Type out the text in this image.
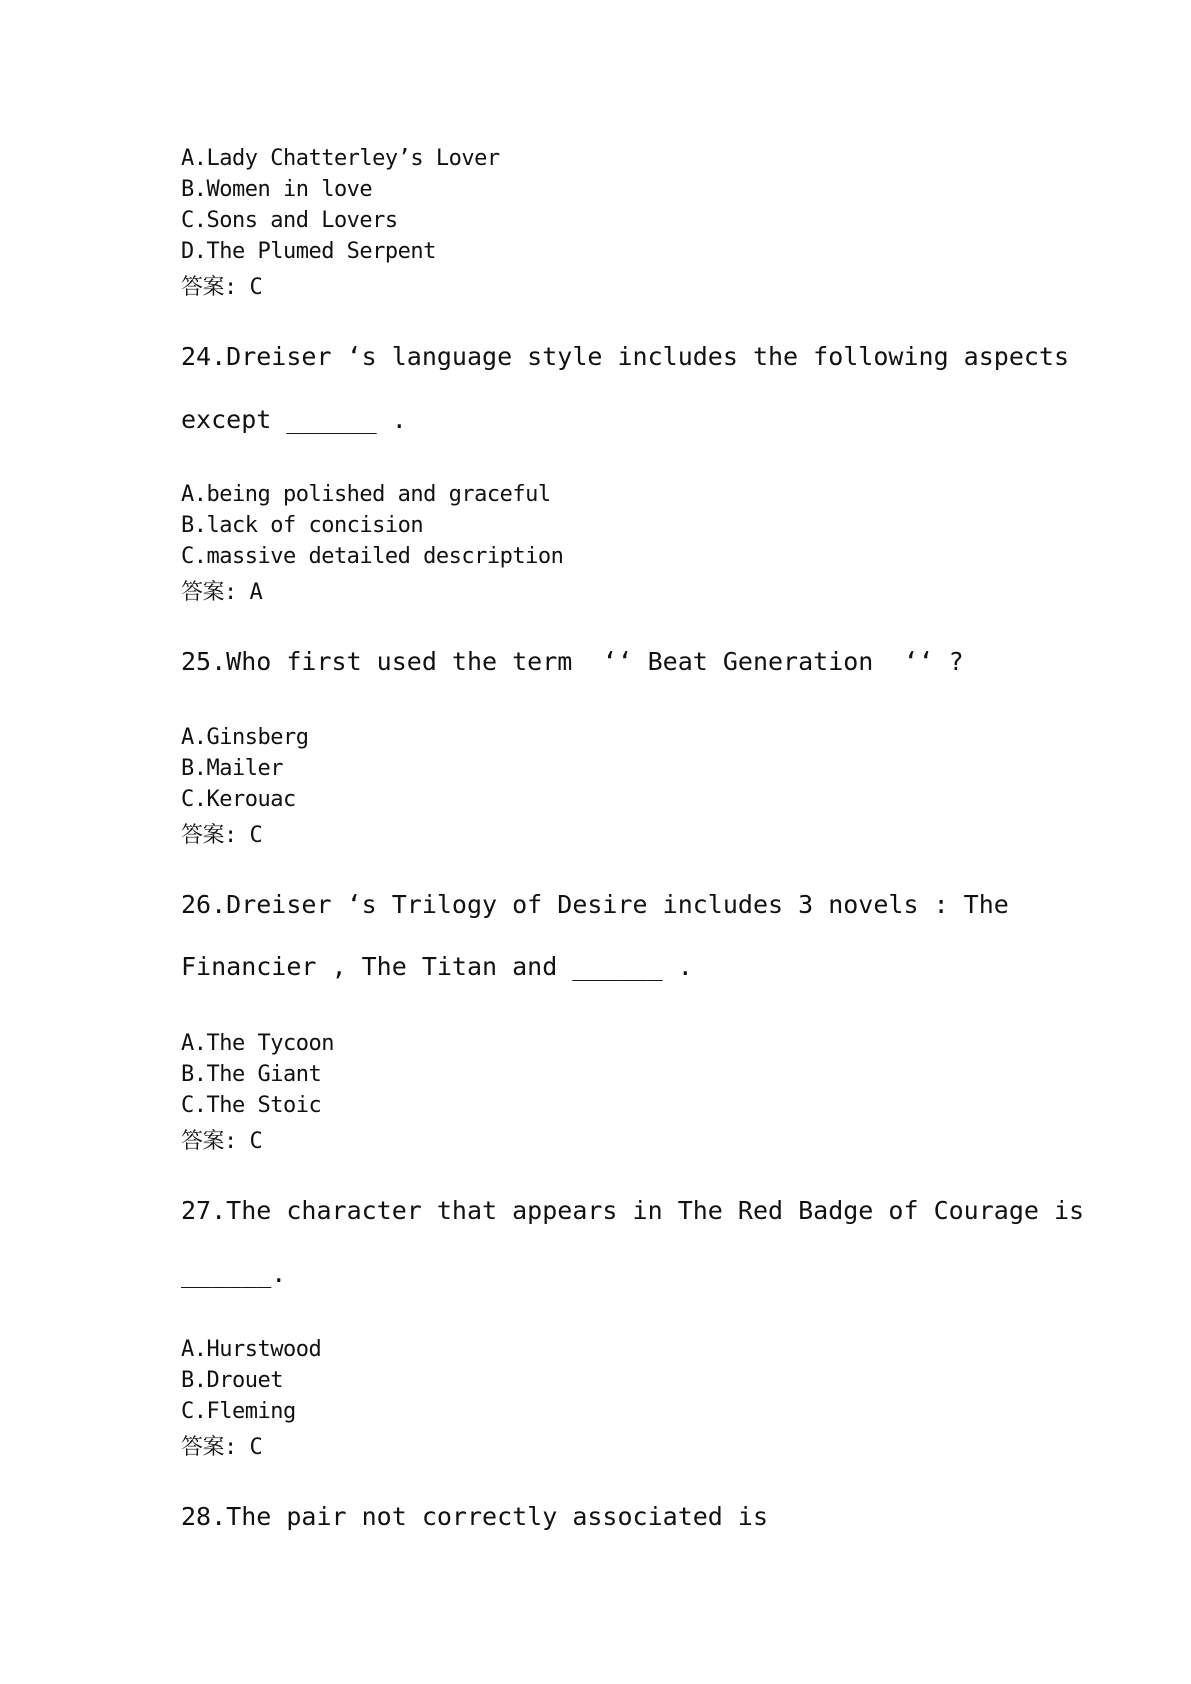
A.Lady Chatterley’s Lover
B.Women in love
C.Sons and Lovers
D.The Plumed Serpent
答案: C
24.Dreiser ‘s language style includes the following aspects
except ______ .
A.being polished and graceful
B.lack of concision
C.massive detailed description
答案: A
25.Who first used the term  ‘‘ Beat Generation  ‘‘ ?
A.Ginsberg
B.Mailer
C.Kerouac
答案: C
26.Dreiser ‘s Trilogy of Desire includes 3 novels : The
Financier , The Titan and ______ .
A.The Tycoon
B.The Giant
C.The Stoic
答案: C
27.The character that appears in The Red Badge of Courage is
______.
A.Hurstwood
B.Drouet
C.Fleming
答案: C
28.The pair not correctly associated is
